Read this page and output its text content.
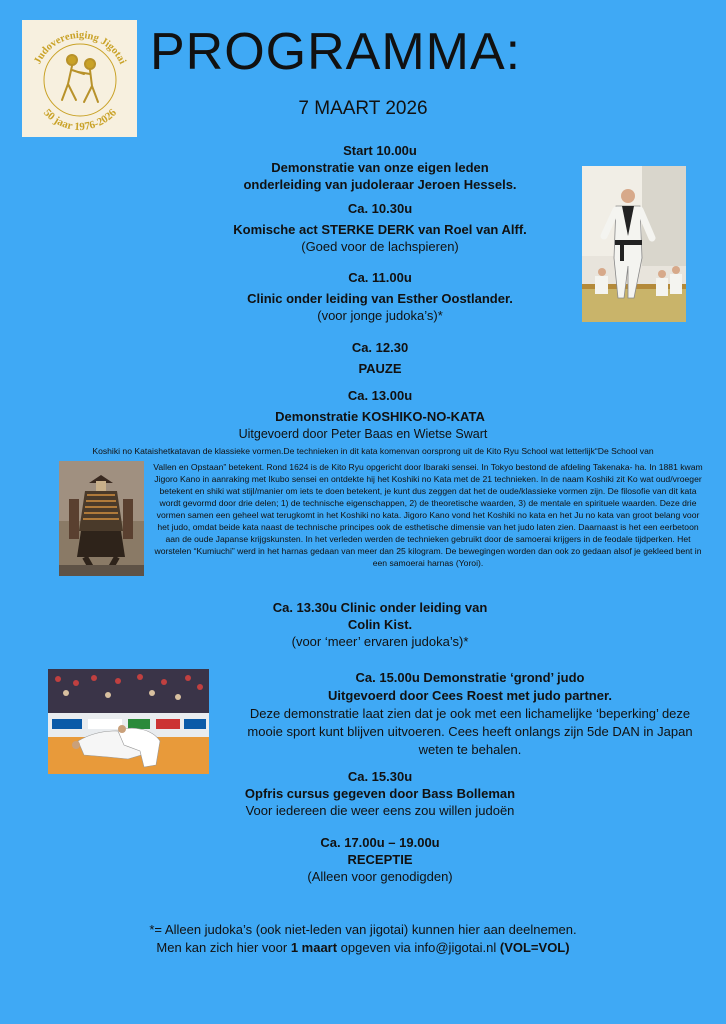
Judovereniging Jigotai
50 jaar 1976-2026
PROGRAMMA:
7 MAART 2026
Start 10.00u
Demonstratie van onze eigen leden
onderleiding van judoleraar Jeroen Hessels.
Ca. 10.30u
Komische act STERKE DERK van Roel van Alff.
(Goed voor de lachspieren)
Ca. 11.00u
Clinic onder leiding van Esther Oostlander.
(voor jonge judoka’s)*
Ca. 12.30
PAUZE
Ca. 13.00u
Demonstratie KOSHIKO-NO-KATA
Uitgevoerd door Peter Baas en Wietse Swart
Koshiki no Kataishetkatavan de klassieke vormen.De technieken in dit kata komenvan oorsprong uit de Kito Ryu School wat letterlijk“De School van
Vallen en Opstaan” betekent. Rond 1624 is de Kito Ryu opgericht door Ibaraki sensei. In Tokyo bestond de afdeling Takenaka- ha. In 1881 kwam Jigoro Kano in aanraking met Ikubo sensei en ontdekte hij het Koshiki no Kata met de 21 technieken. In de naam Koshiki zit Ko wat oud/vroeger betekent en shiki wat stijl/manier om iets te doen betekent, je kunt dus zeggen dat het de oude/klassieke vormen zijn. De filosofie van dit kata wordt gevormd door drie delen; 1) de technische eigenschappen, 2) de theoretische waarden, 3) de mentale en spirituele waarden. Deze drie vormen samen een geheel wat terugkomt in het Koshiki no kata. Jigoro Kano vond het Koshiki no kata en het Ju no kata van groot belang voor het judo, omdat beide kata naast de technische principes ook de esthetische dimensie van het judo laten zien. Daarnaast is het een eerbetoon aan de oude Japanse krijgskunsten. In het verleden werden de technieken gebruikt door de samoerai krijgers in de feodale tijdperken. Het worstelen “Kumiuchi” werd in het harnas gedaan van meer dan 25 kilogram. De bewegingen worden dan ook zo gedaan alsof je gekleed bent in een samoerai harnas (Yoroi).
Ca. 13.30u Clinic onder leiding van
Colin Kist.
(voor ‘meer’ ervaren judoka’s)*
Ca. 15.00u Demonstratie ‘grond’ judo
Uitgevoerd door Cees Roest met judo partner.
Deze demonstratie laat zien dat je ook met een lichamelijke ‘beperking’ deze mooie sport kunt blijven uitvoeren. Cees heeft onlangs zijn 5de DAN in Japan weten te behalen.
Ca. 15.30u
Opfris cursus gegeven door Bass Bolleman
Voor iedereen die weer eens zou willen judoën
Ca. 17.00u – 19.00u
RECEPTIE
(Alleen voor genodigden)
*= Alleen judoka’s (ook niet-leden van jigotai) kunnen hier aan deelnemen.
Men kan zich hier voor 1 maart opgeven via info@jigotai.nl (VOL=VOL)
